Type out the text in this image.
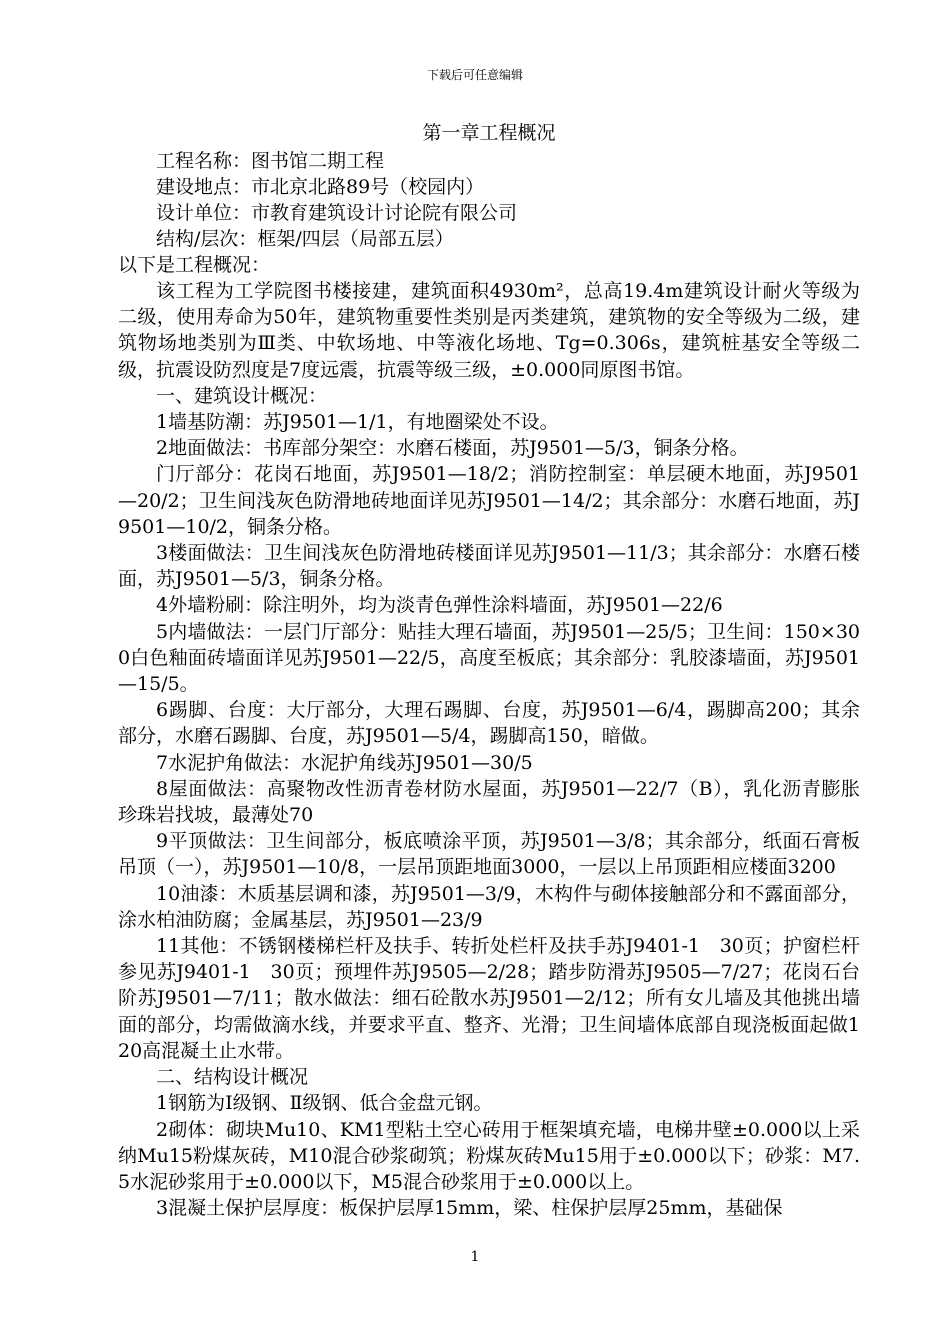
下载后可任意编辑
第一章工程概况

工程名称：图书馆二期工程

建设地点：市北京北路89号（校园内）

设计单位：市教育建筑设计讨论院有限公司

结构/层次：框架/四层（局部五层）

以下是工程概况：

该工程为工学院图书楼接建，建筑面积4930m²，总高19.4m建筑设计耐火等级为二级，使用寿命为50年，建筑物重要性类别是丙类建筑，建筑物的安全等级为二级，建筑物场地类别为Ⅲ类、中软场地、中等液化场地、Tg=0.306s，建筑桩基安全等级二级，抗震设防烈度是7度远震，抗震等级三级，±0.000同原图书馆。

一、建筑设计概况：

1墙基防潮：苏J9501—1/1，有地圈梁处不设。

2地面做法：书库部分架空：水磨石楼面，苏J9501—5/3，铜条分格。

门厅部分：花岗石地面，苏J9501—18/2；消防控制室：单层硬木地面，苏J9501—20/2；卫生间浅灰色防滑地砖地面详见苏J9501—14/2；其余部分：水磨石地面，苏J9501—10/2，铜条分格。

3楼面做法：卫生间浅灰色防滑地砖楼面详见苏J9501—11/3；其余部分：水磨石楼面，苏J9501—5/3，铜条分格。

4外墙粉刷：除注明外，均为淡青色弹性涂料墙面，苏J9501—22/6

5内墙做法：一层门厅部分：贴挂大理石墙面，苏J9501—25/5；卫生间：150×300白色釉面砖墙面详见苏J9501—22/5，高度至板底；其余部分：乳胶漆墙面，苏J9501—15/5。

6踢脚、台度：大厅部分，大理石踢脚、台度，苏J9501—6/4，踢脚高200；其余部分，水磨石踢脚、台度，苏J9501—5/4，踢脚高150，暗做。

7水泥护角做法：水泥护角线苏J9501—30/5

8屋面做法：高聚物改性沥青卷材防水屋面，苏J9501—22/7（B），乳化沥青膨胀珍珠岩找坡，最薄处70

9平顶做法：卫生间部分，板底喷涂平顶，苏J9501—3/8；其余部分，纸面石膏板吊顶（一），苏J9501—10/8，一层吊顶距地面3000，一层以上吊顶距相应楼面3200

10油漆：木质基层调和漆，苏J9501—3/9，木构件与砌体接触部分和不露面部分，涂水柏油防腐；金属基层，苏J9501—23/9

11其他：不锈钢楼梯栏杆及扶手、转折处栏杆及扶手苏J9401-1　30页；护窗栏杆参见苏J9401-1　30页；预埋件苏J9505—2/28；踏步防滑苏J9505—7/27；花岗石台阶苏J9501—7/11；散水做法：细石砼散水苏J9501—2/12；所有女儿墙及其他挑出墙面的部分，均需做滴水线，并要求平直、整齐、光滑；卫生间墙体底部自现浇板面起做120高混凝土止水带。

二、结构设计概况

1钢筋为Ⅰ级钢、Ⅱ级钢、低合金盘元钢。

2砌体：砌块Mu10、KM1型粘土空心砖用于框架填充墙，电梯井壁±0.000以上采纳Mu15粉煤灰砖，M10混合砂浆砌筑；粉煤灰砖Mu15用于±0.000以下；砂浆：M7.5水泥砂浆用于±0.000以下，M5混合砂浆用于±0.000以上。

3混凝土保护层厚度：板保护层厚15mm，梁、柱保护层厚25mm，基础保

1
